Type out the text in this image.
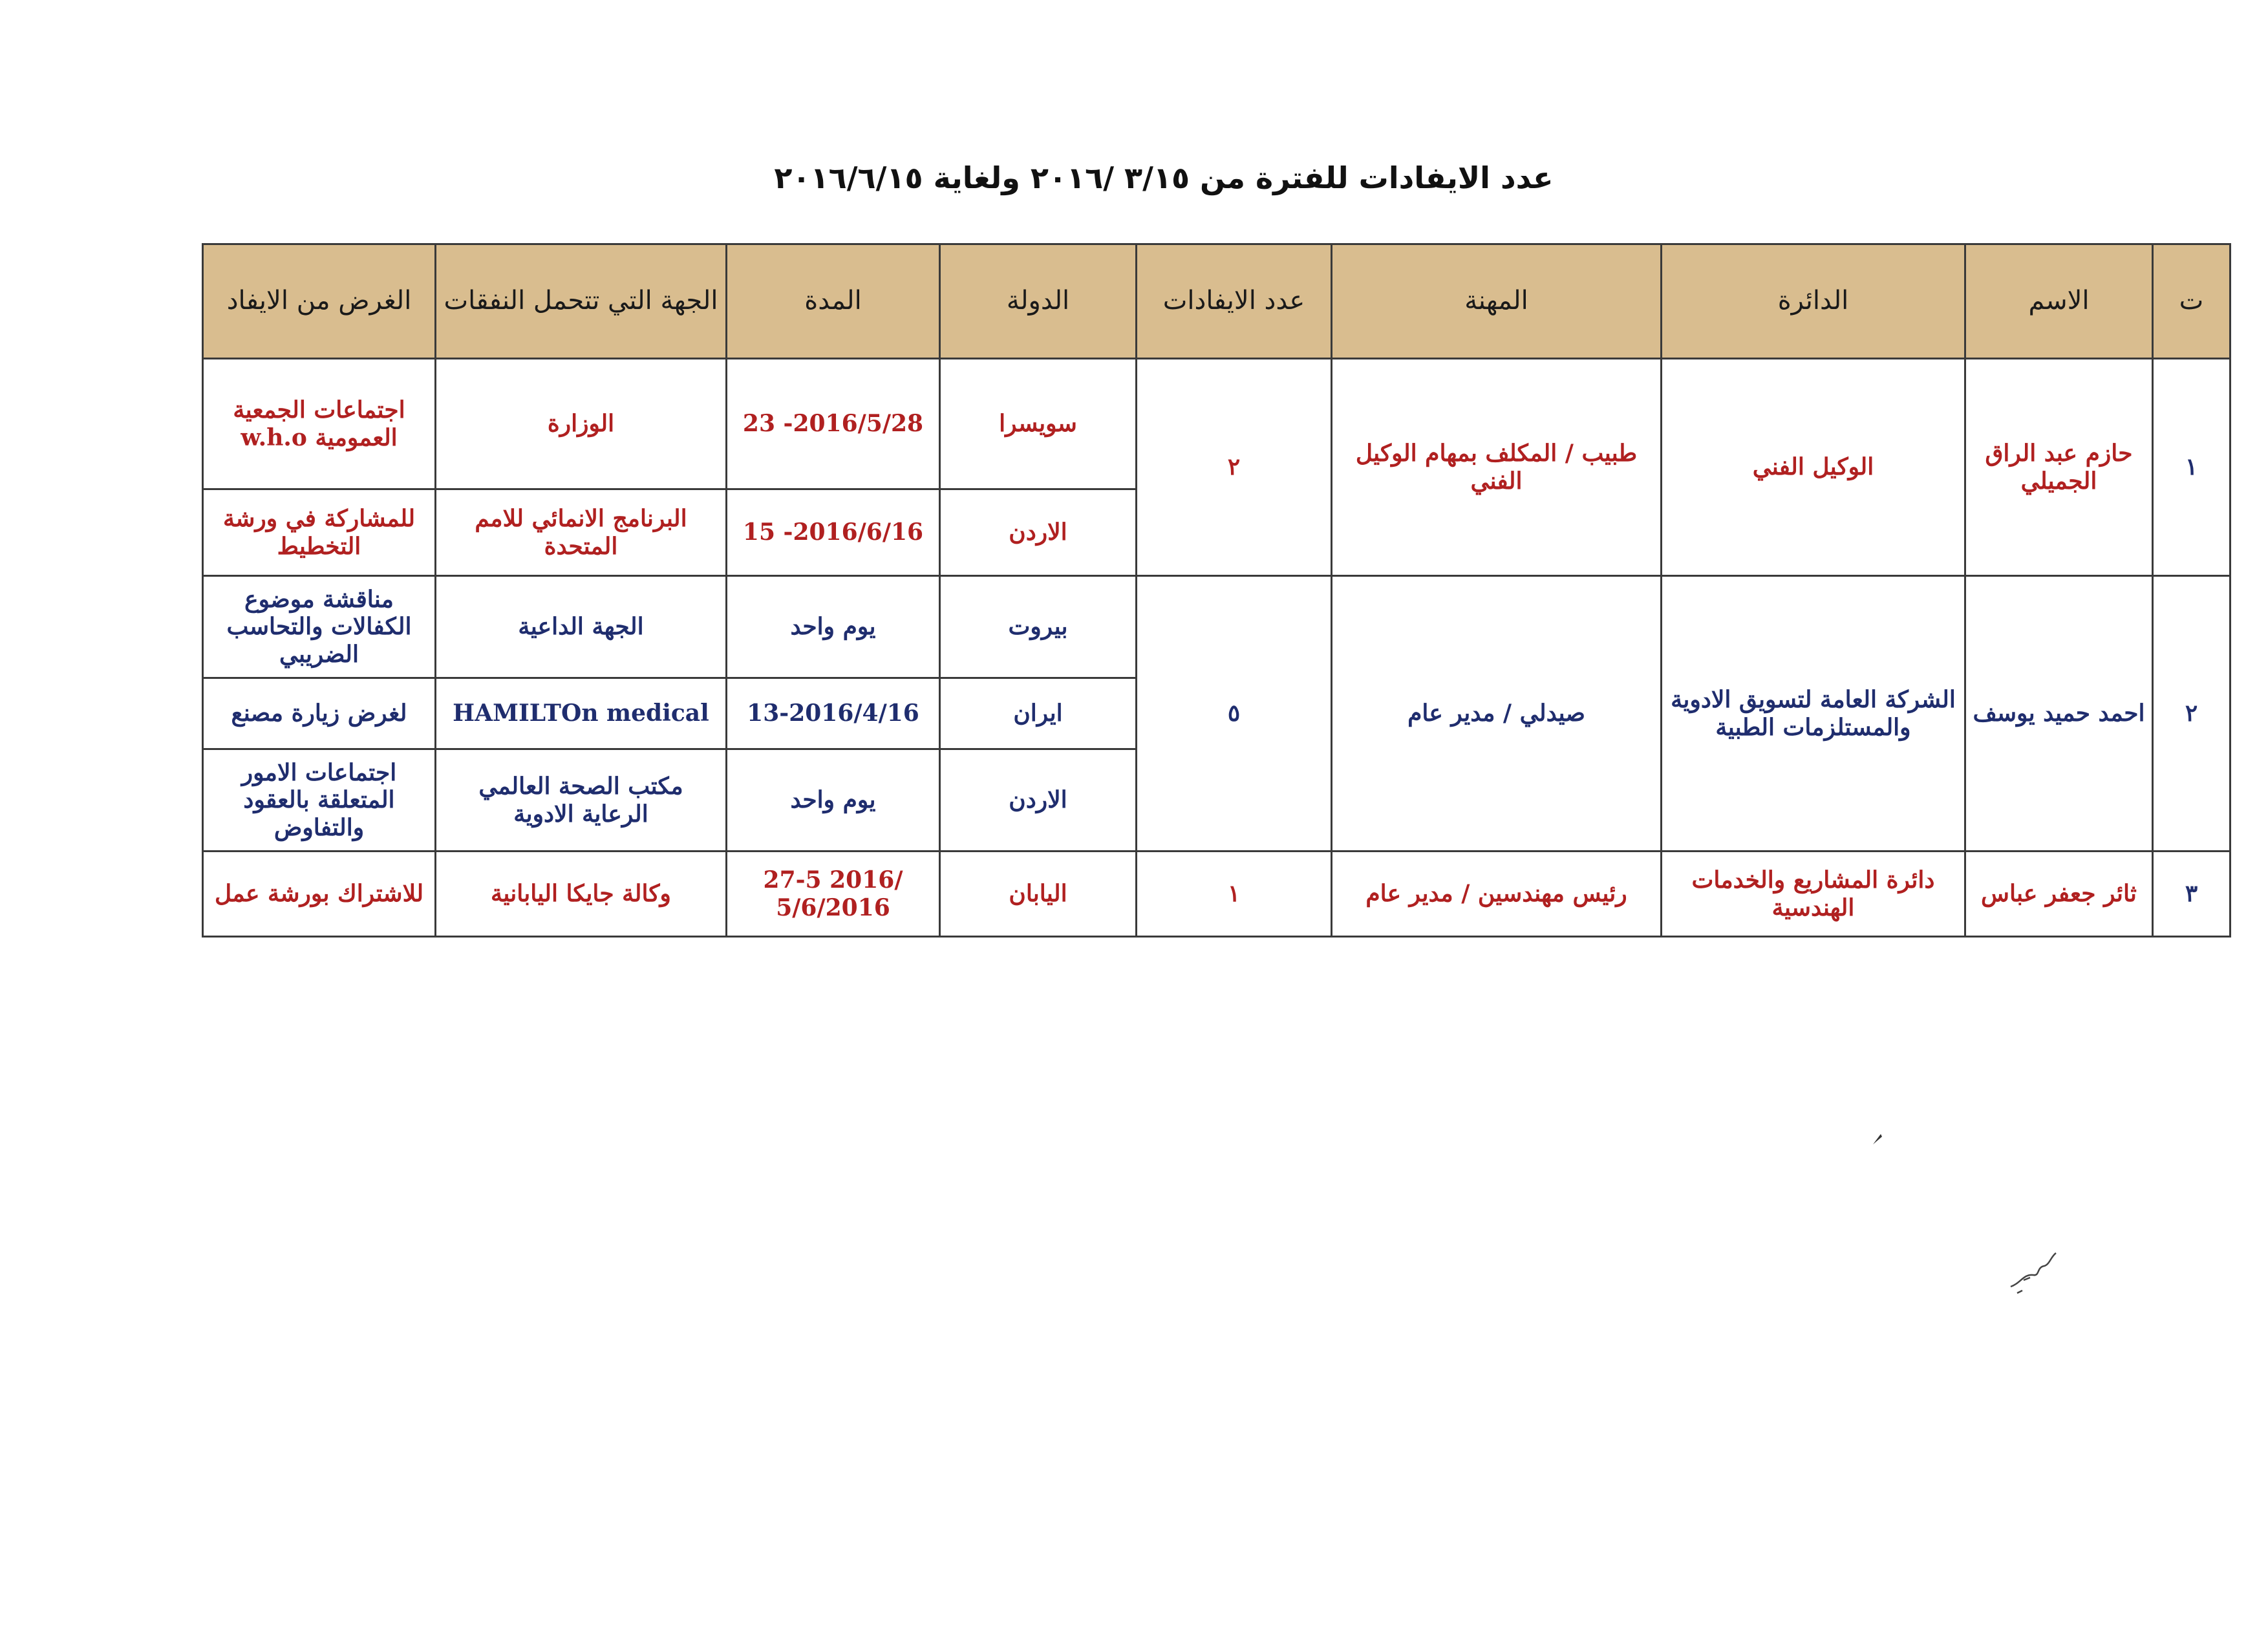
عدد الايفادات للفترة من ٣/١٥ /٢٠١٦ ولغاية ٢٠١٦/٦/١٥
ت	الاسم	الدائرة	المهنة	عدد الايفادات	الدولة	المدة	الجهة التي تتحمل النفقات	الغرض من الايفاد
١	حازم عبد الراق الجميلي	الوكيل الفني	طبيب / المكلف بمهام الوكيل الفني	٢	سويسرا	23 -2016/5/28	الوزارة	اجتماعات الجمعية العمومية w.h.o
					الاردن	15 -2016/6/16	البرنامج الانمائي للامم المتحدة	للمشاركة في ورشة التخطيط
٢	احمد حميد يوسف	الشركة العامة لتسويق الادوية والمستلزمات الطبية	صيدلي / مدير عام	٥	بيروت	يوم واحد	الجهة الداعية	مناقشة موضوع الكفالات والتحاسب الضريبي
					ايران	13-2016/4/16	HAMILTOn medical	لغرض زيارة مصنع
					الاردن	يوم واحد	مكتب الصحة العالمي الرعاية الادوية	اجتماعات الامور المتعلقة بالعقود والتفاوض
٣	ثائر جعفر عباس	دائرة المشاريع والخدمات الهندسية	رئيس مهندسين / مدير عام	١	اليابان	27-5 2016/ 5/6/2016	وكالة جايكا اليابانية	للاشتراك بورشة عمل
